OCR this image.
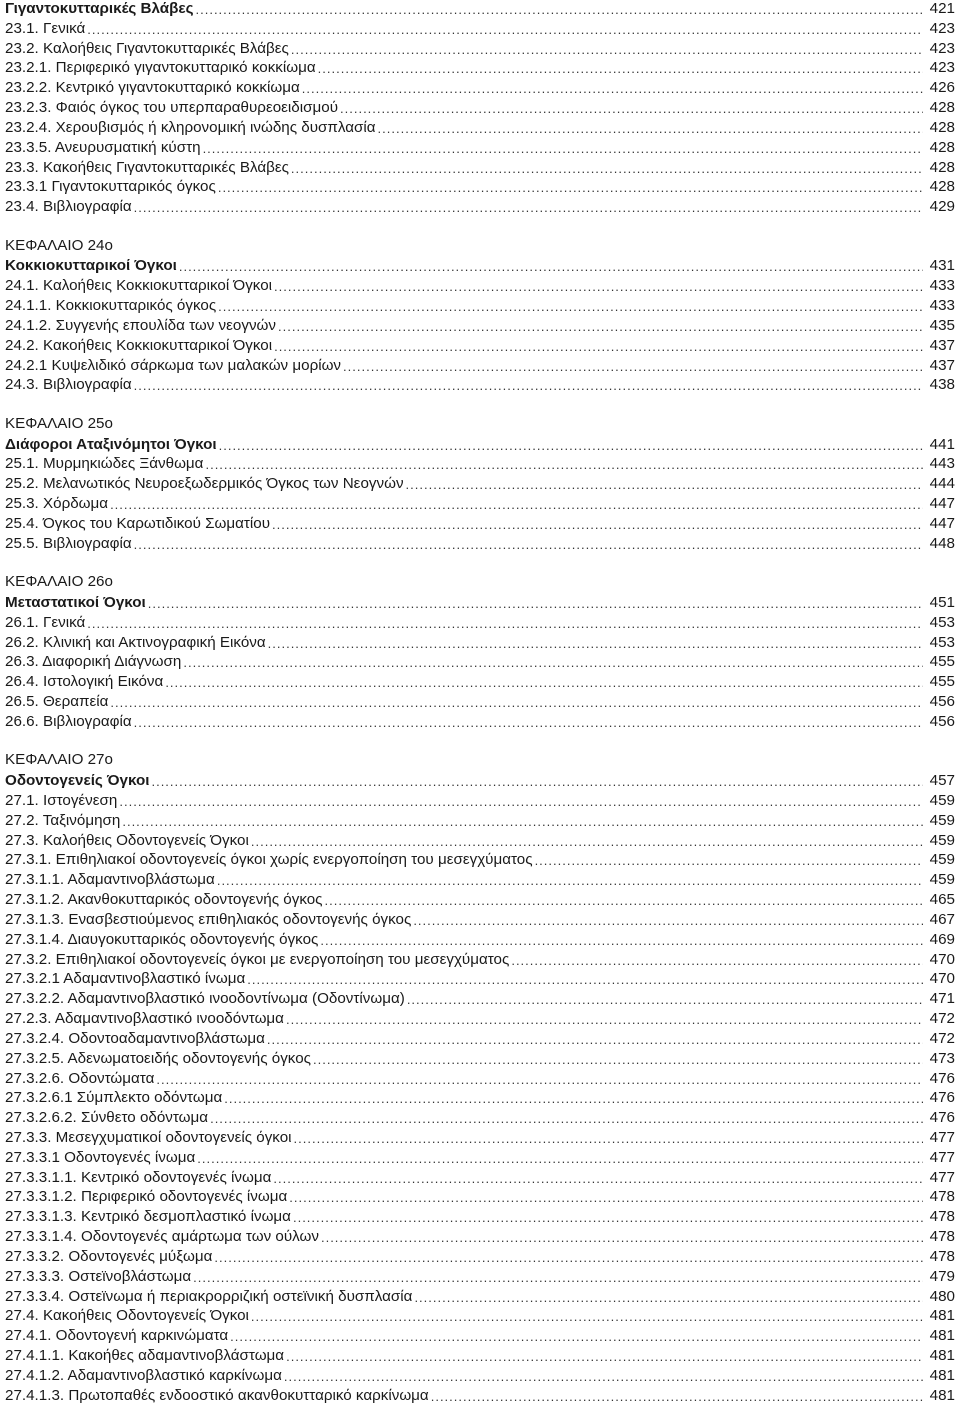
Γιγαντοκυτταρικές Βλάβες .....	421
23.1. Γενικά .....	423
23.2. Καλοήθεις Γιγαντοκυτταρικές Βλάβες .....	423
23.2.1. Περιφερικό γιγαντοκυτταρικό κοκκίωμα .....	423
23.2.2. Κεντρικό γιγαντοκυτταρικό κοκκίωμα .....	426
23.2.3. Φαιός όγκος του υπερπαραθυρεοειδισμού .....	428
23.2.4. Χερουβισμός ή κληρονομική ινώδης δυσπλασία .....	428
23.3.5. Ανευρυσματική κύστη .....	428
23.3. Κακοήθεις Γιγαντοκυτταρικές Βλάβες .....	428
23.3.1 Γιγαντοκυτταρικός όγκος .....	428
23.4. Βιβλιογραφία .....	429
ΚΕΦΑΛΑΙΟ 24ο
Κοκκιοκυτταρικοί Όγκοι .....	431
24.1. Καλοήθεις Κοκκιοκυτταρικοί Όγκοι .....	433
24.1.1. Κοκκιοκυτταρικός όγκος .....	433
24.1.2. Συγγενής επουλίδα των νεογνών .....	435
24.2. Κακοήθεις Κοκκιοκυτταρικοί Όγκοι .....	437
24.2.1 Κυψελιδικό σάρκωμα των μαλακών μορίων .....	437
24.3. Βιβλιογραφία .....	438
ΚΕΦΑΛΑΙΟ 25ο
Διάφοροι Αταξινόμητοι Όγκοι .....	441
25.1. Μυρμηκιώδες Ξάνθωμα .....	443
25.2. Μελανωτικός Νευροεξωδερμικός Όγκος των Νεογνών .....	444
25.3. Χόρδωμα .....	447
25.4. Όγκος του Καρωτιδικού Σωματίου .....	447
25.5. Βιβλιογραφία .....	448
ΚΕΦΑΛΑΙΟ 26ο
Μεταστατικοί Όγκοι .....	451
26.1. Γενικά .....	453
26.2. Κλινική και Ακτινογραφική Εικόνα .....	453
26.3. Διαφορική Διάγνωση .....	455
26.4. Ιστολογική Εικόνα .....	455
26.5. Θεραπεία .....	456
26.6. Βιβλιογραφία .....	456
ΚΕΦΑΛΑΙΟ 27ο
Οδοντογενείς Όγκοι .....	457
27.1. Ιστογένεση .....	459
27.2. Ταξινόμηση .....	459
27.3. Καλοήθεις Οδοντογενείς Όγκοι .....	459
27.3.1. Επιθηλιακοί οδοντογενείς όγκοι χωρίς ενεργοποίηση του μεσεγχύματος .....	459
27.3.1.1. Αδαμαντινοβλάστωμα .....	459
27.3.1.2. Ακανθοκυτταρικός οδοντογενής όγκος .....	465
27.3.1.3. Ενασβεστιούμενος επιθηλιακός οδοντογενής όγκος .....	467
27.3.1.4. Διαυγοκυτταρικός οδοντογενής όγκος .....	469
27.3.2. Επιθηλιακοί οδοντογενείς όγκοι με ενεργοποίηση του μεσεγχύματος .....	470
27.3.2.1 Αδαμαντινοβλαστικό ίνωμα .....	470
27.3.2.2. Αδαμαντινοβλαστικό ινοοδοντίνωμα (Οδοντίνωμα) .....	471
27.2.3. Αδαμαντινοβλαστικό ινοοδόντωμα .....	472
27.3.2.4. Οδοντοαδαμαντινοβλάστωμα .....	472
27.3.2.5. Αδενωματοειδής οδοντογενής όγκος .....	473
27.3.2.6. Οδοντώματα .....	476
27.3.2.6.1 Σύμπλεκτο οδόντωμα .....	476
27.3.2.6.2. Σύνθετο οδόντωμα .....	476
27.3.3. Μεσεγχυματικοί οδοντογενείς όγκοι .....	477
27.3.3.1 Οδοντογενές ίνωμα .....	477
27.3.3.1.1. Κεντρικό οδοντογενές ίνωμα .....	477
27.3.3.1.2. Περιφερικό οδοντογενές ίνωμα .....	478
27.3.3.1.3. Κεντρικό δεσμοπλαστικό ίνωμα .....	478
27.3.3.1.4. Οδοντογενές αμάρτωμα των ούλων .....	478
27.3.3.2. Οδοντογενές μύξωμα .....	478
27.3.3.3. Οστεϊνοβλάστωμα .....	479
27.3.3.4. Οστεϊνωμα ή περιακρορριζική οστεϊνική δυσπλασία .....	480
27.4. Κακοήθεις Οδοντογενείς Όγκοι .....	481
27.4.1. Οδοντογενή καρκινώματα .....	481
27.4.1.1. Κακοήθες αδαμαντινοβλάστωμα .....	481
27.4.1.2. Αδαμαντινοβλαστικό καρκίνωμα .....	481
27.4.1.3. Πρωτοπαθές ενδοοστικό ακανθοκυτταρικό καρκίνωμα .....	481
